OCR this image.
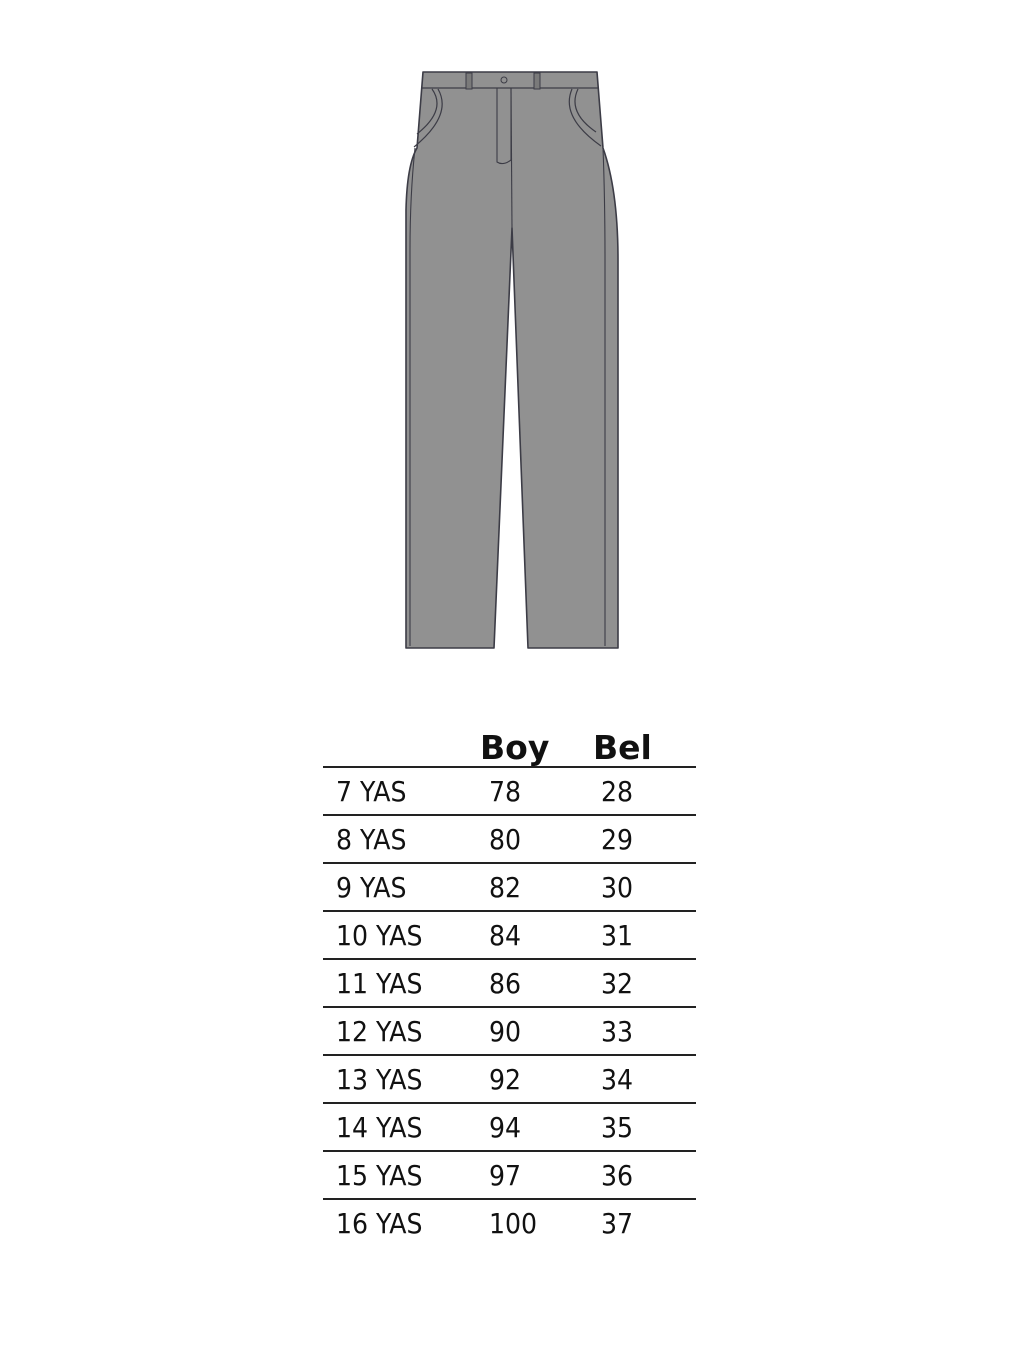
	Boy	Bel
7 YAS	78	28
8 YAS	80	29
9 YAS	82	30
10 YAS	84	31
11 YAS	86	32
12 YAS	90	33
13 YAS	92	34
14 YAS	94	35
15 YAS	97	36
16 YAS	100	37
